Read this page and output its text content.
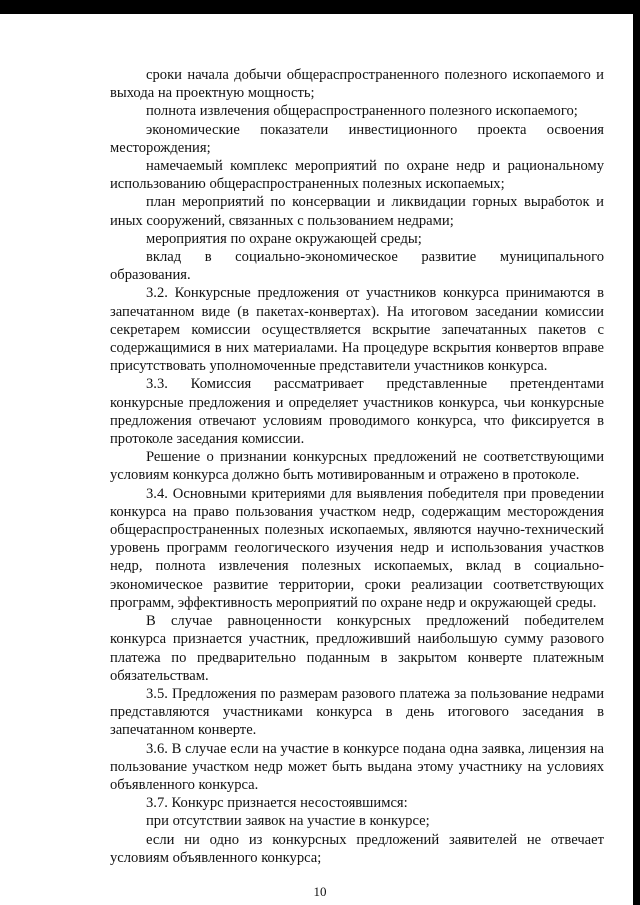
сроки начала добычи общераспространенного полезного ископаемого и выхода на проектную мощность;

полнота извлечения общераспространенного полезного ископаемого;

экономические показатели инвестиционного проекта освоения месторождения;

намечаемый комплекс мероприятий по охране недр и рациональному использованию общераспространенных полезных ископаемых;

план мероприятий по консервации и ликвидации горных выработок и иных сооружений, связанных с пользованием недрами;

мероприятия по охране окружающей среды;

вклад в социально-экономическое развитие муниципального образования.

3.2. Конкурсные предложения от участников конкурса принимаются в запечатанном виде (в пакетах-конвертах). На итоговом заседании комиссии секретарем комиссии осуществляется вскрытие запечатанных пакетов с содержащимися в них материалами. На процедуре вскрытия конвертов вправе присутствовать уполномоченные представители участников конкурса.

3.3. Комиссия рассматривает представленные претендентами конкурсные предложения и определяет участников конкурса, чьи конкурсные предложения отвечают условиям проводимого конкурса, что фиксируется в протоколе заседания комиссии.

Решение о признании конкурсных предложений не соответствующими условиям конкурса должно быть мотивированным и отражено в протоколе.

3.4. Основными критериями для выявления победителя при проведении конкурса на право пользования участком недр, содержащим месторождения общераспространенных полезных ископаемых, являются научно-технический уровень программ геологического изучения недр и использования участков недр, полнота извлечения полезных ископаемых, вклад в социально-экономическое развитие территории, сроки реализации соответствующих программ, эффективность мероприятий по охране недр и окружающей среды.

В случае равноценности конкурсных предложений победителем конкурса признается участник, предложивший наибольшую сумму разового платежа по предварительно поданным в закрытом конверте платежным обязательствам.

3.5. Предложения по размерам разового платежа за пользование недрами представляются участниками конкурса в день итогового заседания в запечатанном конверте.

3.6. В случае если на участие в конкурсе подана одна заявка, лицензия на пользование участком недр может быть выдана этому участнику на условиях объявленного конкурса.

3.7. Конкурс признается несостоявшимся:

при отсутствии заявок на участие в конкурсе;

если ни одно из конкурсных предложений заявителей не отвечает условиям объявленного конкурса;

10
